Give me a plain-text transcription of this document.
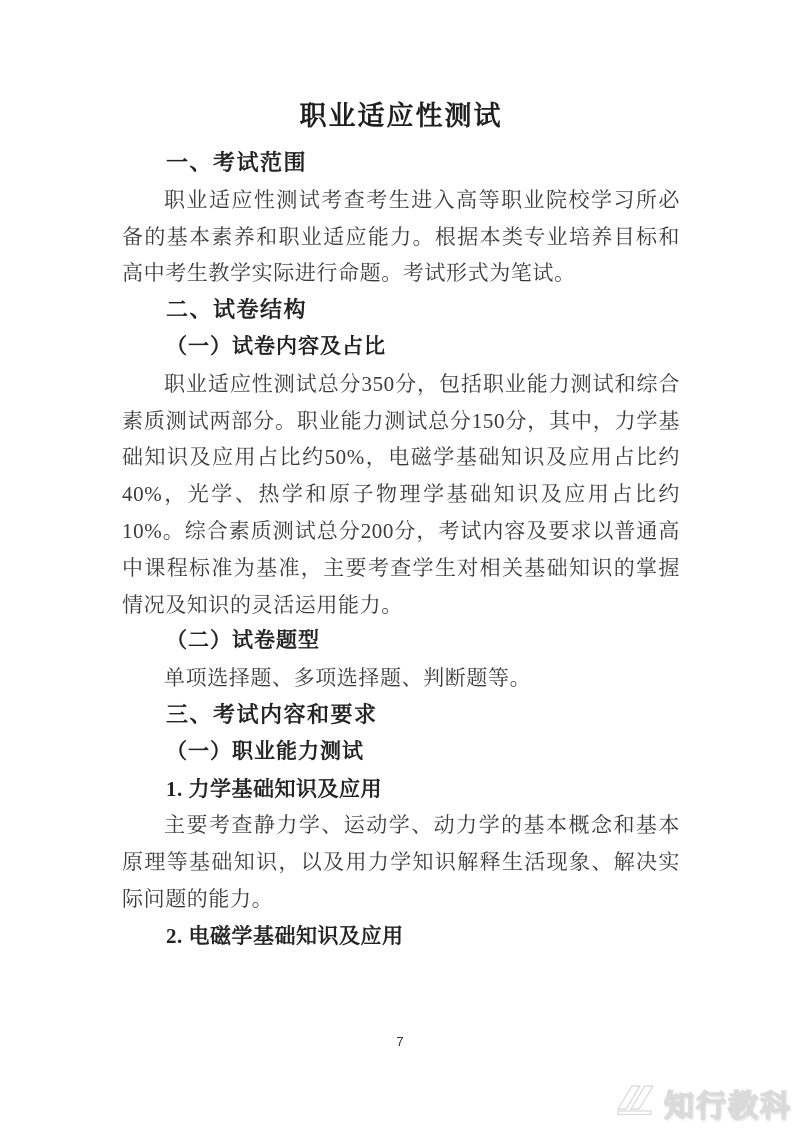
职业适应性测试
一、考试范围

职业适应性测试考查考生进入高等职业院校学习所必备的基本素养和职业适应能力。根据本类专业培养目标和高中考生教学实际进行命题。考试形式为笔试。

二、试卷结构
（一）试卷内容及占比

职业适应性测试总分350分，包括职业能力测试和综合素质测试两部分。职业能力测试总分150分，其中，力学基础知识及应用占比约50%，电磁学基础知识及应用占比约40%，光学、热学和原子物理学基础知识及应用占比约10%。综合素质测试总分200分，考试内容及要求以普通高中课程标准为基准，主要考查学生对相关基础知识的掌握情况及知识的灵活运用能力。

（二）试卷题型

单项选择题、多项选择题、判断题等。

三、考试内容和要求
（一）职业能力测试
1. 力学基础知识及应用

主要考查静力学、运动学、动力学的基本概念和基本原理等基础知识，以及用力学知识解释生活现象、解决实际问题的能力。

2. 电磁学基础知识及应用
7
知行教科
